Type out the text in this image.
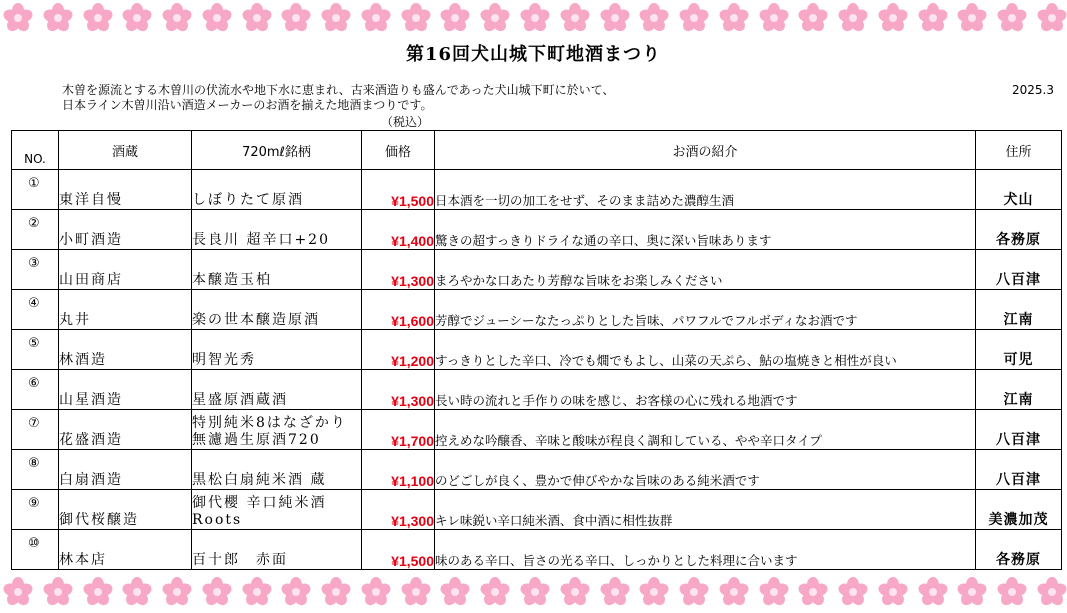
第16回犬山城下町地酒まつり
木曽を源流とする木曽川の伏流水や地下水に恵まれ、古来酒造りも盛んであった犬山城下町に於いて、
日本ライン木曽川沿い酒造メーカーのお酒を揃えた地酒まつりです。
2025.3
（税込）
NO.	酒蔵	720mℓ銘柄	価格	お酒の紹介	住所

①	東洋自慢	しぼりたて原酒	¥1,500	日本酒を一切の加工をせず、そのまま詰めた濃醇生酒	犬山

②	小町酒造	長良川 超辛口+20	¥1,400	驚きの超すっきりドライな通の辛口、奥に深い旨味あります	各務原

③	山田商店	本醸造玉柏	¥1,300	まろやかな口あたり芳醇な旨味をお楽しみください	八百津

④	丸井	楽の世本醸造原酒	¥1,600	芳醇でジューシーなたっぷりとした旨味、パワフルでフルボディなお酒です	江南

⑤	林酒造	明智光秀	¥1,200	すっきりとした辛口、冷でも燗でもよし、山菜の天ぷら、鮎の塩焼きと相性が良い	可児

⑥	山星酒造	星盛原酒蔵酒	¥1,300	長い時の流れと手作りの味を感じ、お客様の心に残れる地酒です	江南

⑦	花盛酒造	特別純米8はなざかり
無濾過生原酒720	¥1,700	控えめな吟醸香、辛味と酸味が程良く調和している、やや辛口タイプ	八百津

⑧	白扇酒造	黒松白扇純米酒 蔵	¥1,100	のどごしが良く、豊かで伸びやかな旨味のある純米酒です	八百津

⑨	御代桜醸造	御代櫻 辛口純米酒
Roots	¥1,300	キレ味鋭い辛口純米酒、食中酒に相性抜群	美濃加茂

⑩	林本店	百十郎　赤面	¥1,500	味のある辛口、旨さの光る辛口、しっかりとした料理に合います	各務原
